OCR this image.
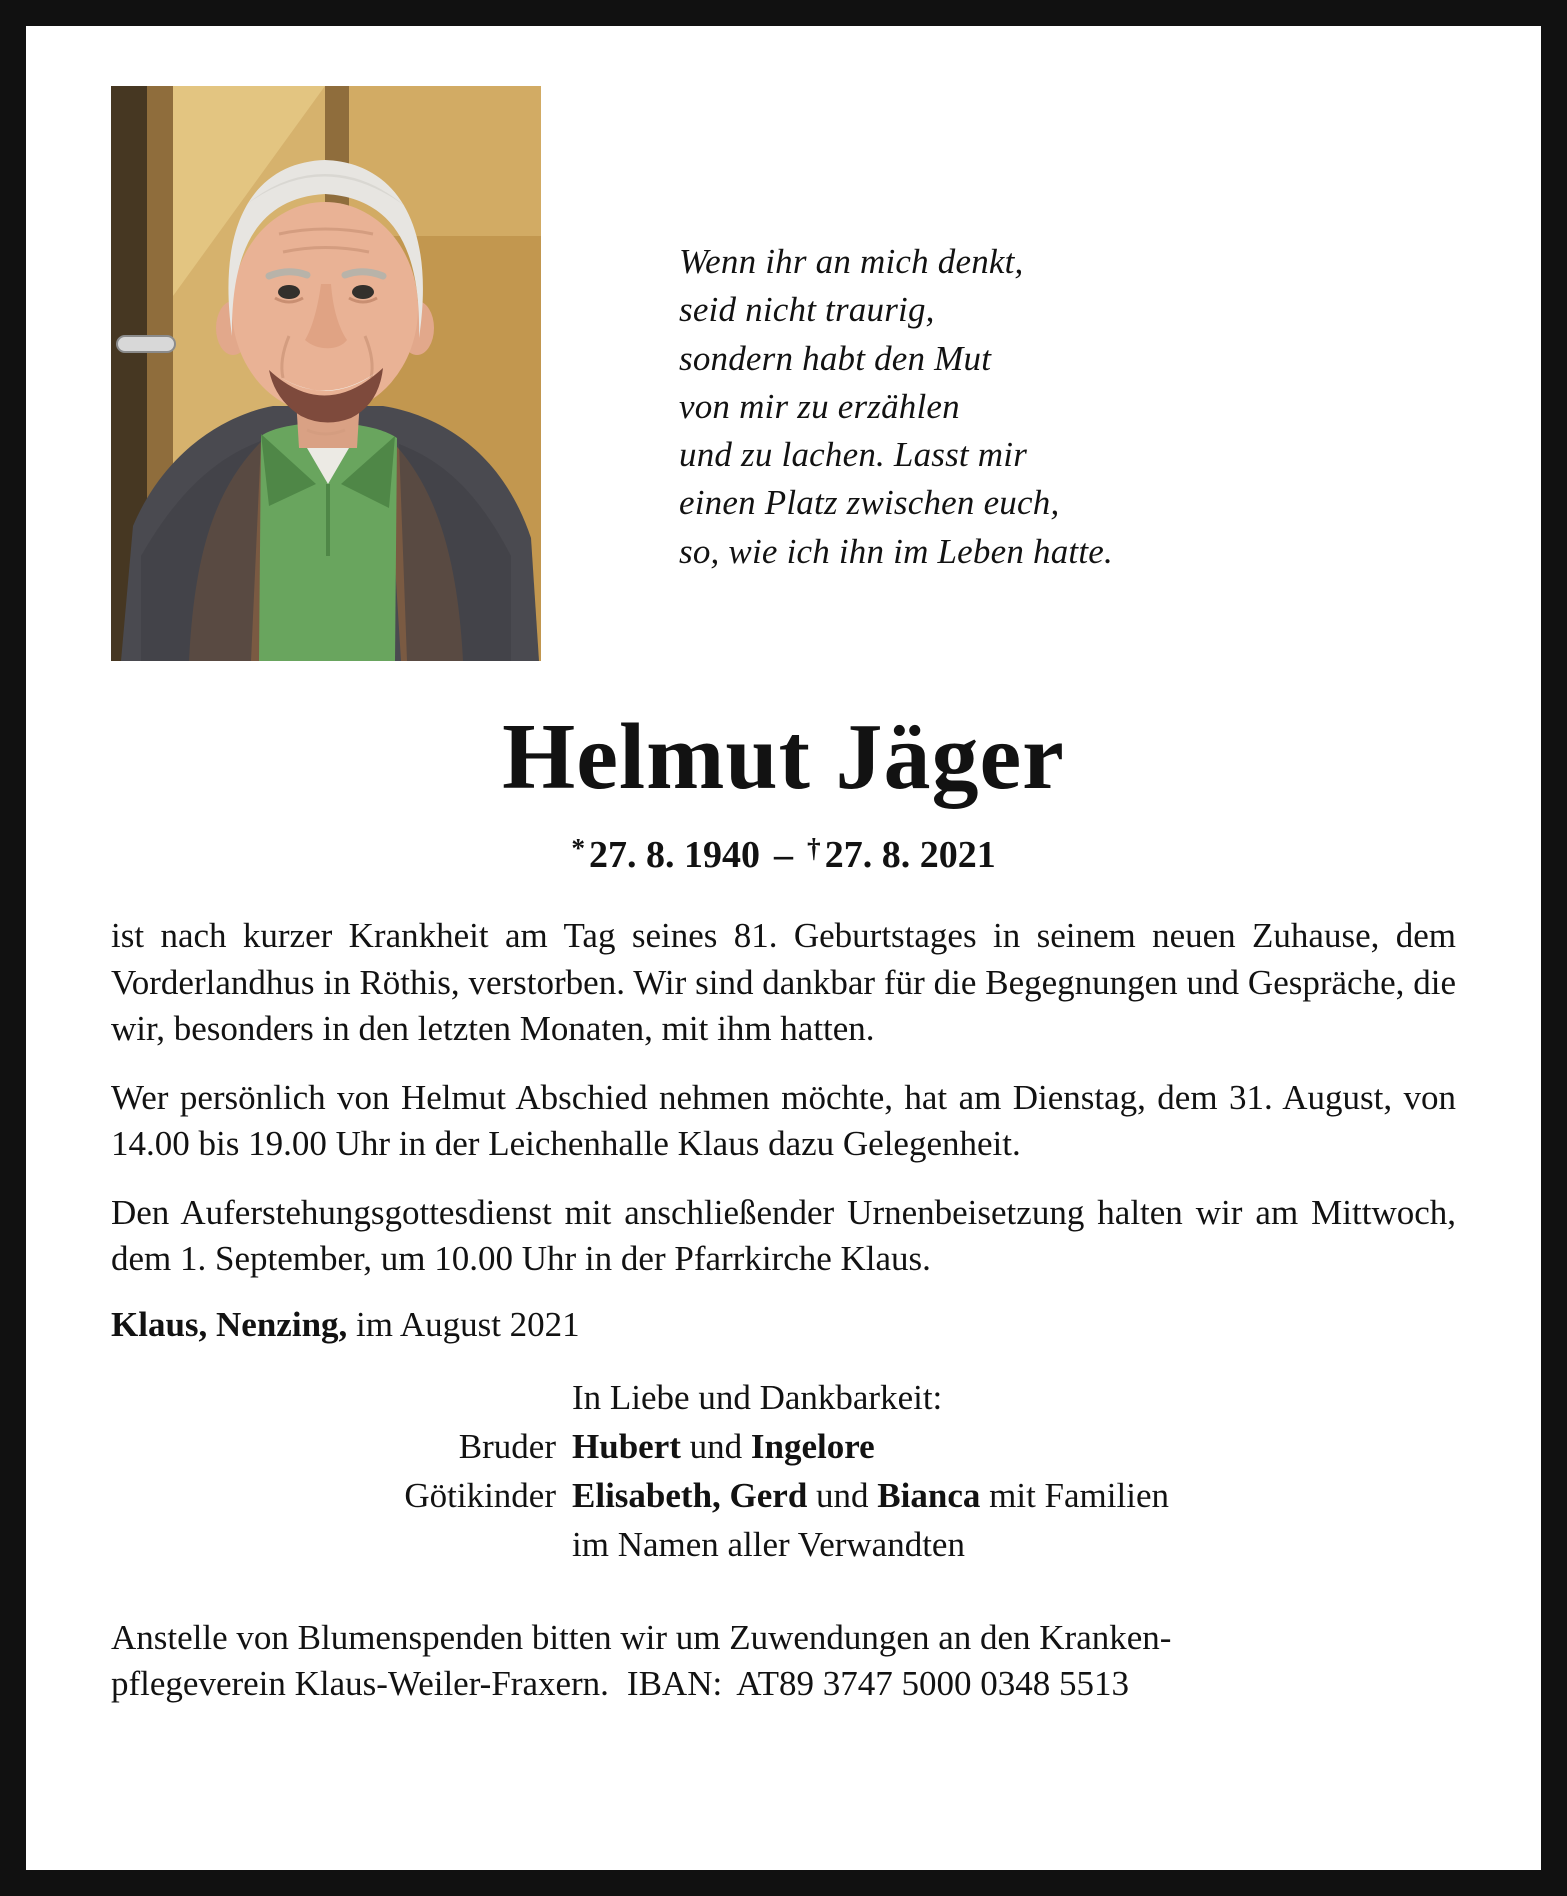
Wenn ihr an mich denkt,
seid nicht traurig,
sondern habt den Mut
von mir zu erzählen
und zu lachen. Lasst mir
einen Platz zwischen euch,
so, wie ich ihn im Leben hatte.
Helmut Jäger
* 27. 8. 1940 – † 27. 8. 2021

ist nach kurzer Krankheit am Tag seines 81. Geburtstages in seinem neuen Zuhause, dem Vorderlandhus in Röthis, verstorben. Wir sind dankbar für die Begegnungen und Gespräche, die wir, besonders in den letzten Monaten, mit ihm hatten.

Wer persönlich von Helmut Abschied nehmen möchte, hat am Dienstag, dem 31. August, von 14.00 bis 19.00 Uhr in der Leichenhalle Klaus dazu Gelegenheit.

Den Auferstehungsgottesdienst mit anschließender Urnenbeisetzung halten wir am Mittwoch, dem 1. September, um 10.00 Uhr in der Pfarrkirche Klaus.

Klaus, Nenzing, im August 2021
In Liebe und Dankbarkeit:
Bruder Hubert und Ingelore
Götikinder Elisabeth, Gerd und Bianca mit Familien
im Namen aller Verwandten
Anstelle von Blumenspenden bitten wir um Zuwendungen an den Kranken-
pflegeverein Klaus-Weiler-Fraxern. IBAN: AT89 3747 5000 0348 5513
